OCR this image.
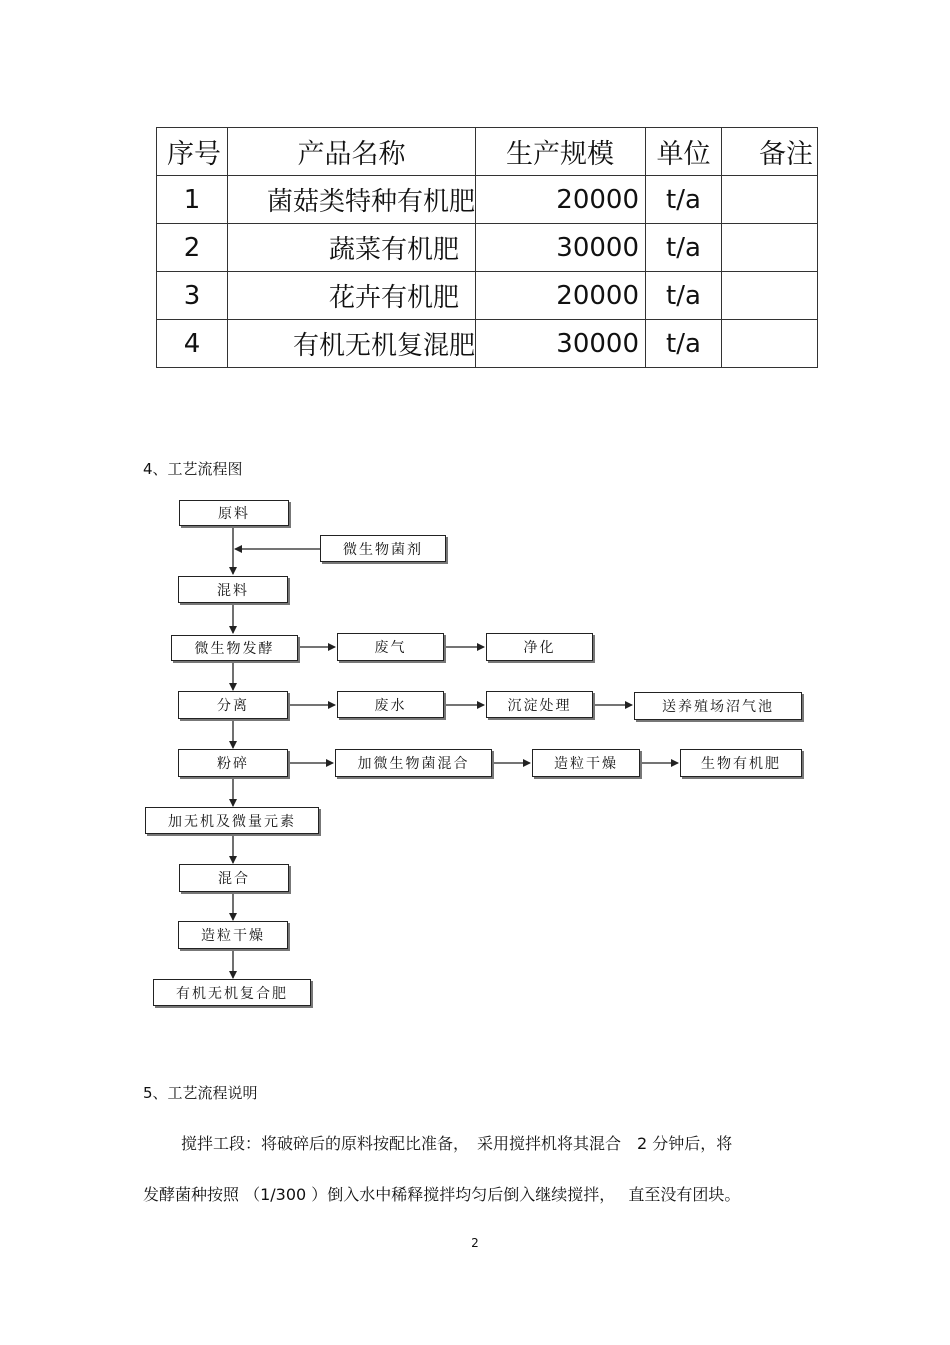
序号	产品名称	生产规模	单位	备注
1	菌菇类特种有机肥	20000	t/a	
2	蔬菜有机肥	30000	t/a	
3	花卉有机肥	20000	t/a	
4	有机无机复混肥	30000	t/a	
4、工艺流程图
原料
微生物菌剂
混料
微生物发酵	废气	净化
分离	废水	沉淀处理	送养殖场沼气池
粉碎	加微生物菌混合	造粒干燥	生物有机肥
加无机及微量元素
混合
造粒干燥
有机无机复合肥
5、工艺流程说明
搅拌工段：将破碎后的原料按配比准备，　采用搅拌机将其混合　2 分钟后，将
发酵菌种按照 （1/300 ）倒入水中稀释搅拌均匀后倒入继续搅拌，　 直至没有团块。
2
